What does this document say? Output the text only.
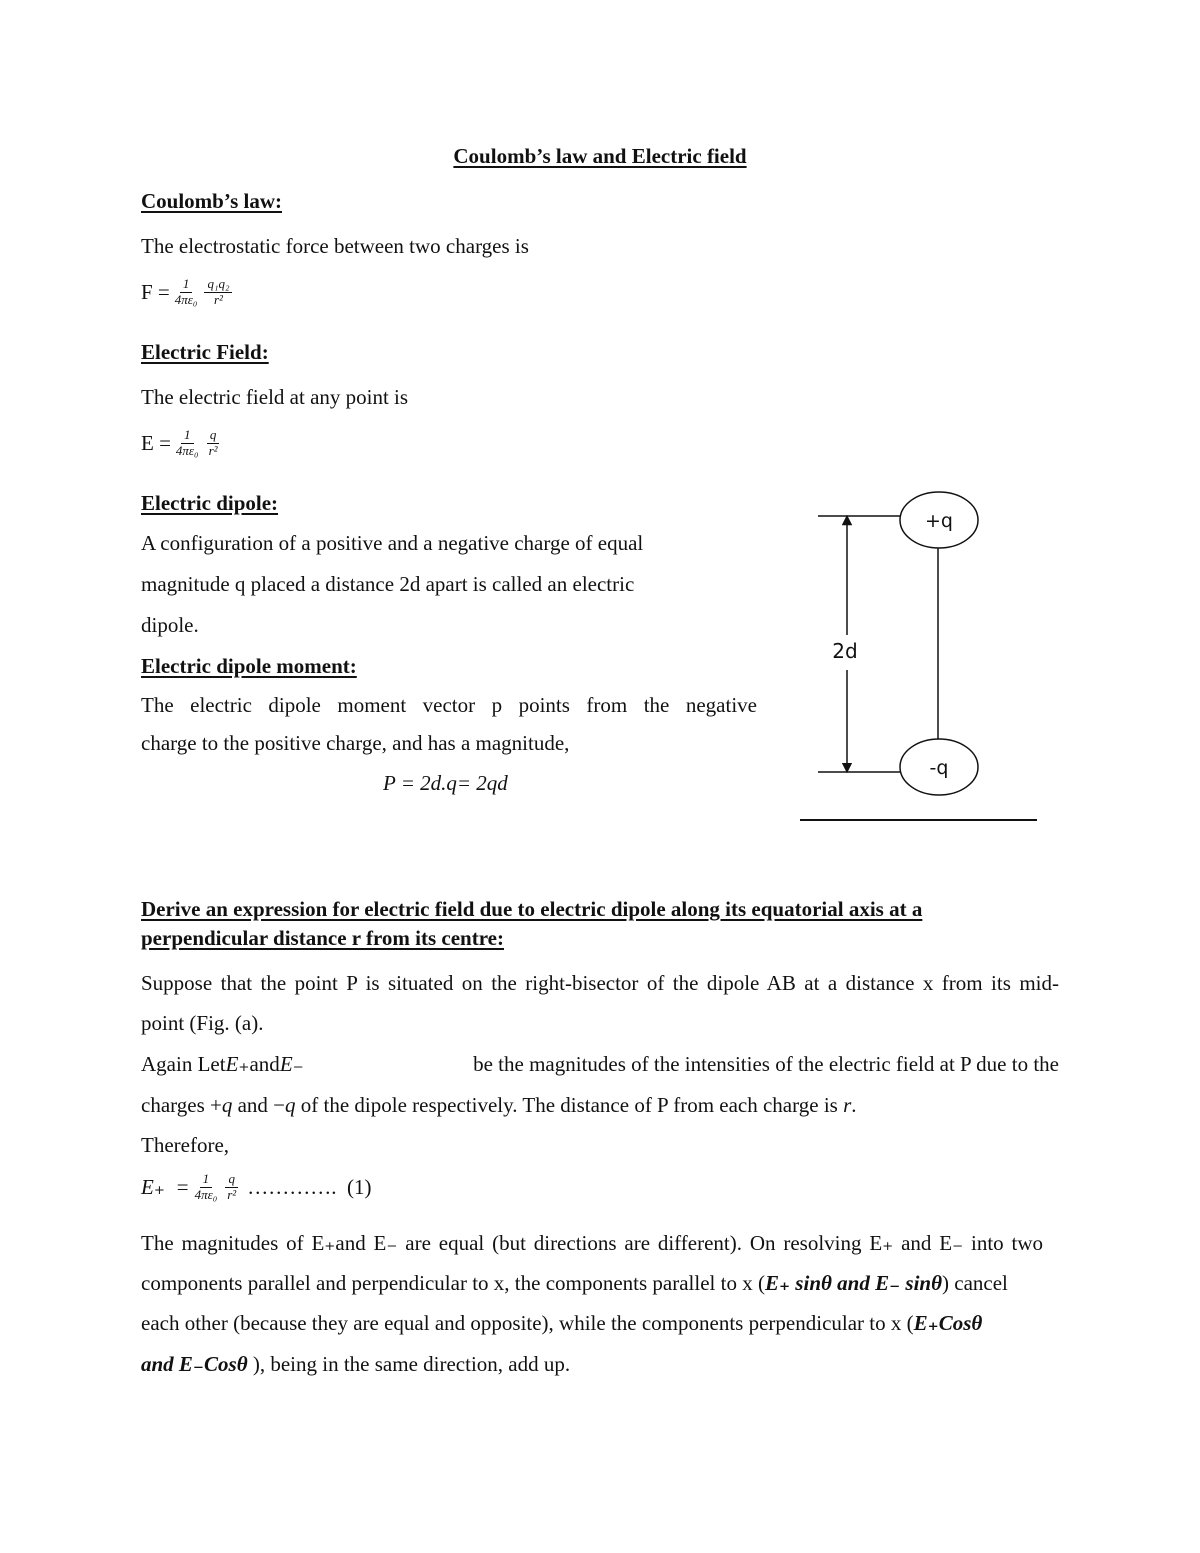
Coulomb’s law and Electric field
Coulomb’s law:
The electrostatic force between two charges is
$F = \frac{1}{\text{4πε₀}} \frac{\text{q₁q₂}}{\text{r²}}$
Electric Field:
The electric field at any point is
$E = \frac{1}{\text{4πε₀}} \frac{q}{\text{r²}}$
Electric dipole:
A configuration of a positive and a negative charge of equal
magnitude q placed a distance 2d apart is called an electric
dipole.
Electric dipole moment:
The electric dipole moment vector p points from the negative
charge to the positive charge, and has a magnitude,
P = 2d.q= 2qd
2d
+q
-q
Derive an expression for electric field due to electric dipole along its equatorial axis at a
perpendicular distance r from its centre:
Suppose that the point P is situated on the right-bisector of the dipole AB at a distance x from its mid-
point (Fig. (a).
Again Let E₊ and E₋	be the magnitudes of the intensities of the electric field at P due to the
charges +q and −q of the dipole respectively. The distance of P from each charge is r.
Therefore,
$E_+ = \frac{1}{\text{4πε₀}} \frac{q}{\text{r²}}$ ………….  (1)
The magnitudes of E₊and E₋ are equal (but directions are different). On resolving E₊ and E₋ into two
components parallel and perpendicular to x, the components parallel to x (E₊ sinθ and E₋ sinθ) cancel
each other (because they are equal and opposite), while the components perpendicular to x (E₊Cosθ
and E₋Cosθ ), being in the same direction, add up.
